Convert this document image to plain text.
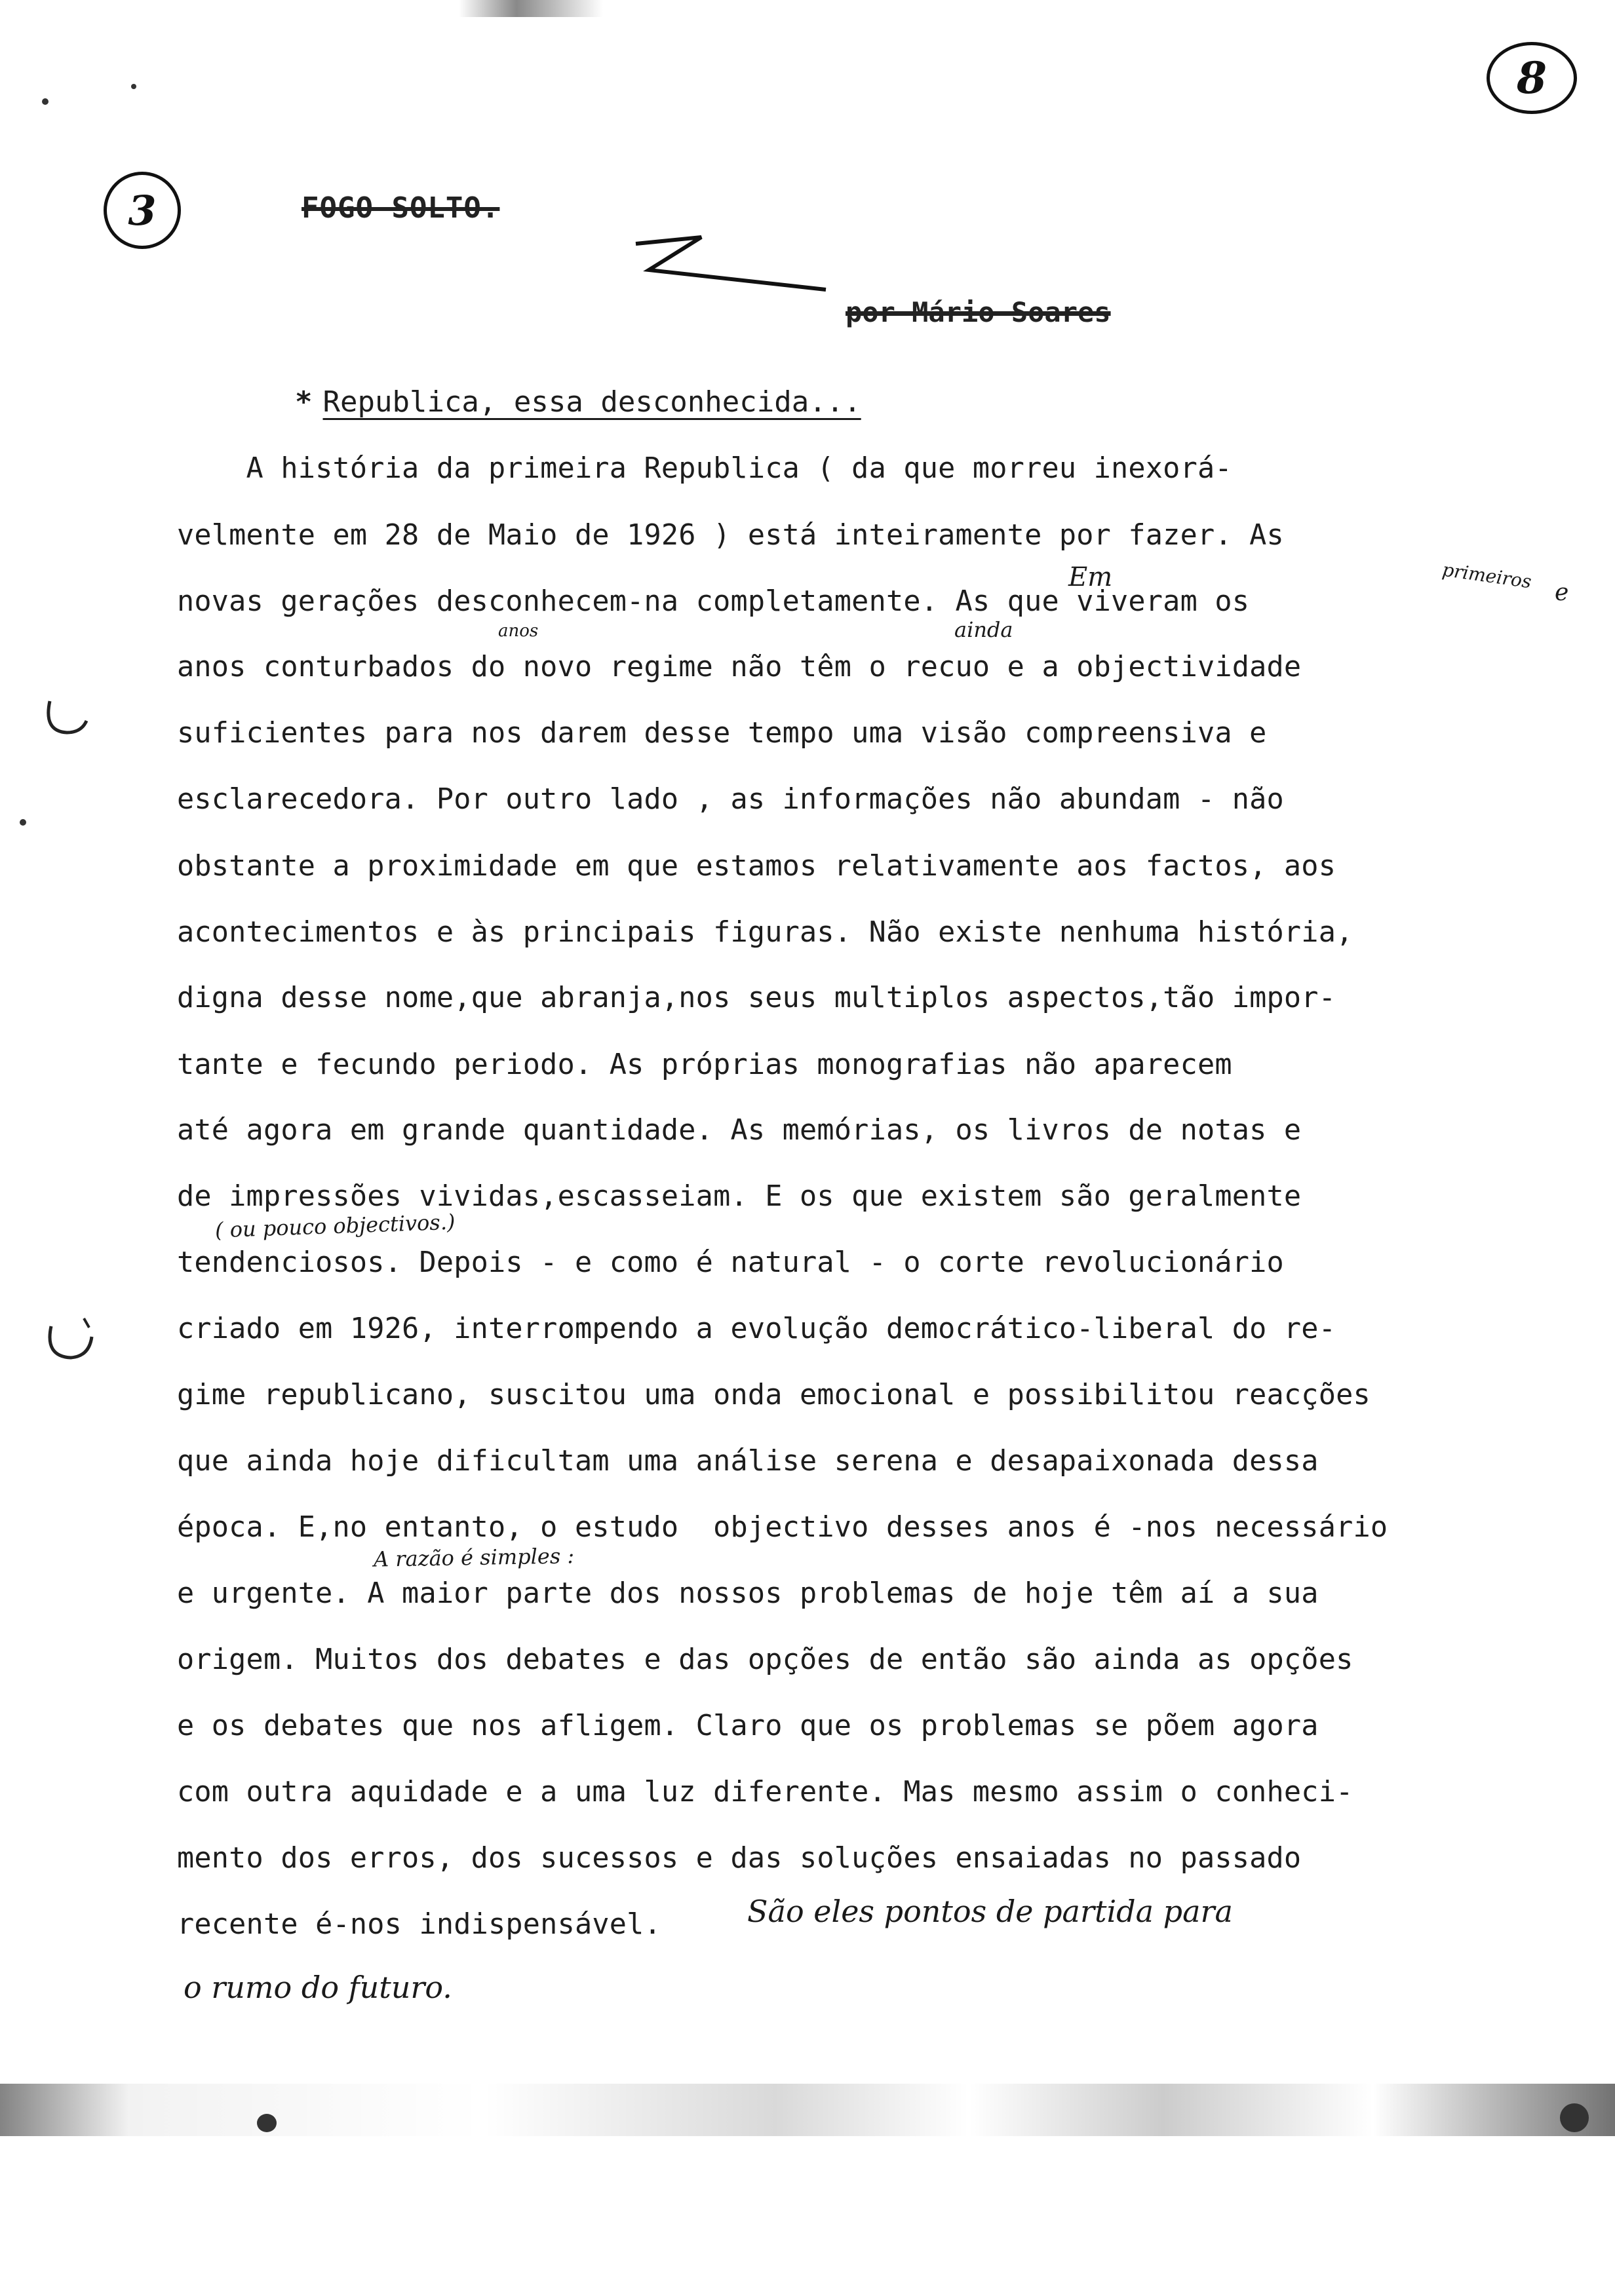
8
3	FOGO SOLTO.
por Mário Soares
* Republica, essa desconhecida...
A história da primeira Republica ( da que morreu inexorá-
velmente em 28 de Maio de 1926 ) está inteiramente por fazer. As
novas gerações desconhecem-na completamente. As que viveram os
anos conturbados do novo regime não têm o recuo e a objectividade
suficientes para nos darem desse tempo uma visão compreensiva e
esclarecedora. Por outro lado , as informações não abundam - não
obstante a proximidade em que estamos relativamente aos factos, aos
acontecimentos e às principais figuras. Não existe nenhuma história,
digna desse nome,que abranja,nos seus multiplos aspectos,tão impor-
tante e fecundo periodo. As próprias monografias não aparecem
até agora em grande quantidade. As memórias, os livros de notas e
de impressões vividas,escasseiam. E os que existem são geralmente
tendenciosos. Depois - e como é natural - o corte revolucionário
criado em 1926, interrompendo a evolução democrático-liberal do re-
gime republicano, suscitou uma onda emocional e possibilitou reacções
que ainda hoje dificultam uma análise serena e desapaixonada dessa
época. E,no entanto, o estudo  objectivo desses anos é -nos necessário
e urgente. A maior parte dos nossos problemas de hoje têm aí a sua
origem. Muitos dos debates e das opções de então são ainda as opções
e os debates que nos afligem. Claro que os problemas se põem agora
com outra aquidade e a uma luz diferente. Mas mesmo assim o conheci-
mento dos erros, dos sucessos e das soluções ensaiadas no passado
recente é-nos indispensável.
Em	primeiros
e
anos	ainda
( ou pouco objectivos.)
A razão é simples :
São eles pontos de partida para
o rumo do futuro.
